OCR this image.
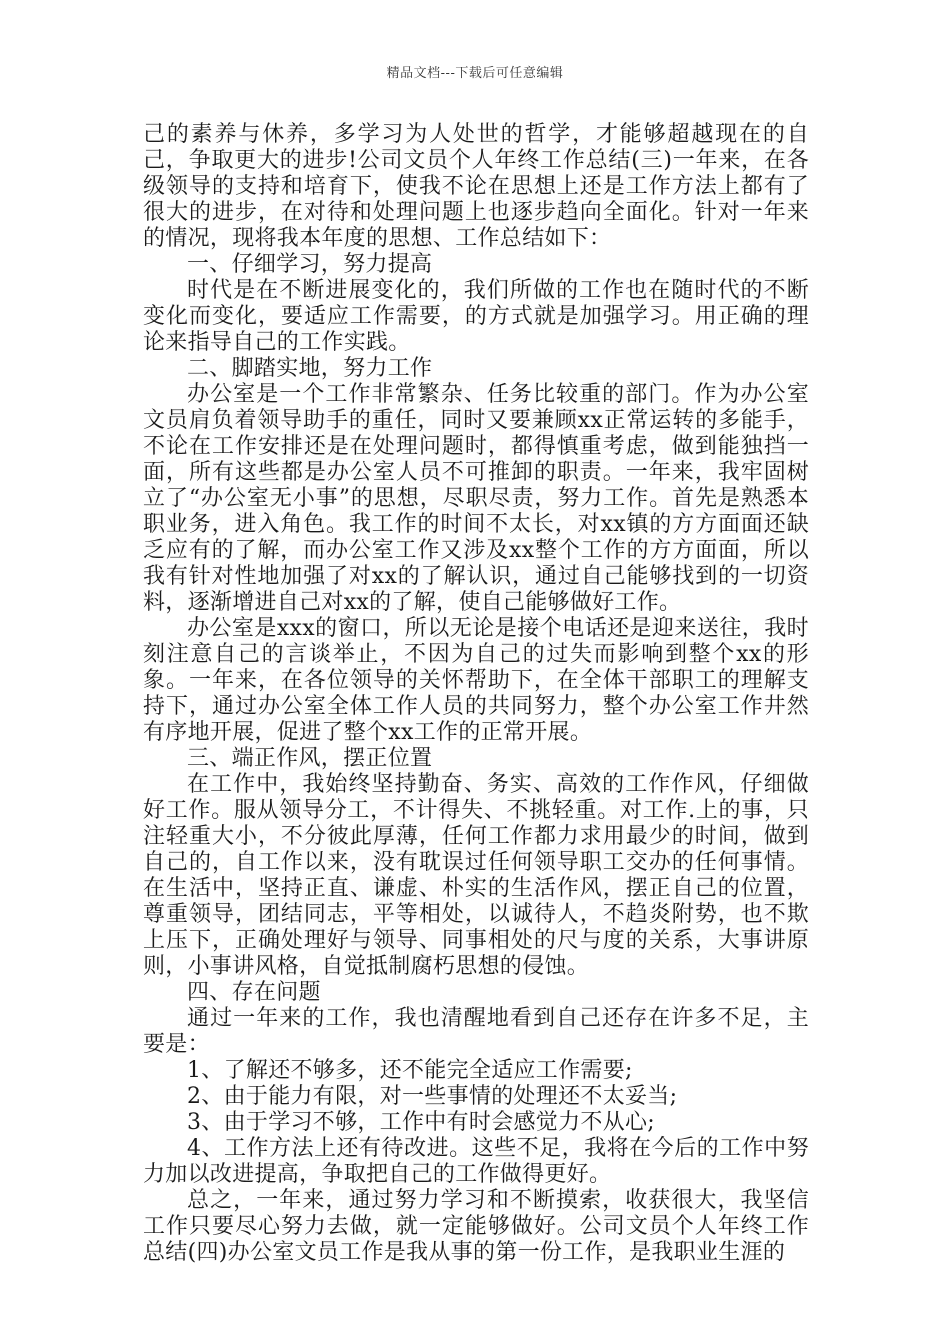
精品文档---下载后可任意编辑

己的素养与休养，多学习为人处世的哲学，才能够超越现在的自己，争取更大的进步!公司文员个人年终工作总结(三)一年来，在各级领导的支持和培育下，使我不论在思想上还是工作方法上都有了很大的进步，在对待和处理问题上也逐步趋向全面化。针对一年来的情况，现将我本年度的思想、工作总结如下：

一、仔细学习，努力提高

时代是在不断进展变化的，我们所做的工作也在随时代的不断变化而变化，要适应工作需要，的方式就是加强学习。用正确的理论来指导自己的工作实践。

二、脚踏实地，努力工作

办公室是一个工作非常繁杂、任务比较重的部门。作为办公室文员肩负着领导助手的重任，同时又要兼顾xx正常运转的多能手，不论在工作安排还是在处理问题时，都得慎重考虑，做到能独挡一面，所有这些都是办公室人员不可推卸的职责。一年来，我牢固树立了“办公室无小事”的思想，尽职尽责，努力工作。首先是熟悉本职业务，进入角色。我工作的时间不太长，对xx镇的方方面面还缺乏应有的了解，而办公室工作又涉及xx整个工作的方方面面，所以我有针对性地加强了对xx的了解认识，通过自己能够找到的一切资料，逐渐增进自己对xx的了解，使自己能够做好工作。

办公室是xxx的窗口，所以无论是接个电话还是迎来送往，我时刻注意自己的言谈举止，不因为自己的过失而影响到整个xx的形象。一年来，在各位领导的关怀帮助下，在全体干部职工的理解支持下，通过办公室全体工作人员的共同努力，整个办公室工作井然有序地开展，促进了整个xx工作的正常开展。

三、端正作风，摆正位置

在工作中，我始终坚持勤奋、务实、高效的工作作风，仔细做好工作。服从领导分工，不计得失、不挑轻重。对工作.上的事，只注轻重大小，不分彼此厚薄，任何工作都力求用最少的时间，做到自己的，自工作以来，没有耽误过任何领导职工交办的任何事情。在生活中，坚持正直、谦虚、朴实的生活作风，摆正自己的位置，尊重领导，团结同志，平等相处，以诚待人，不趋炎附势，也不欺上压下，正确处理好与领导、同事相处的尺与度的关系，大事讲原则，小事讲风格，自觉抵制腐朽思想的侵蚀。

四、存在问题

通过一年来的工作，我也清醒地看到自己还存在许多不足，主要是：

1、了解还不够多，还不能完全适应工作需要;

2、由于能力有限，对一些事情的处理还不太妥当;

3、由于学习不够，工作中有时会感觉力不从心;

4、工作方法上还有待改进。这些不足，我将在今后的工作中努力加以改进提高，争取把自己的工作做得更好。

总之，一年来，通过努力学习和不断摸索，收获很大，我坚信工作只要尽心努力去做，就一定能够做好。公司文员个人年终工作总结(四)办公室文员工作是我从事的第一份工作，是我职业生涯的
